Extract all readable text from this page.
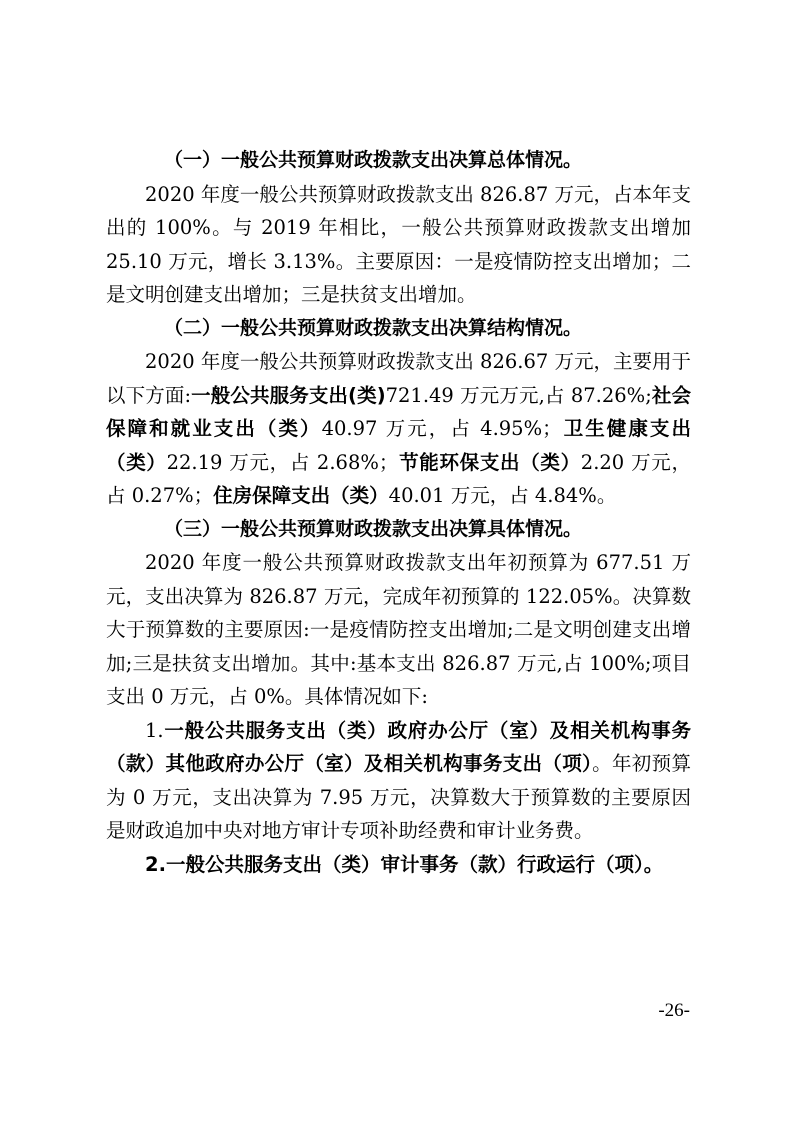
（一）一般公共预算财政拨款支出决算总体情况。

2020 年度一般公共预算财政拨款支出 826.87 万元，占本年支出的 100%。与 2019 年相比，一般公共预算财政拨款支出增加 25.10 万元，增长 3.13%。主要原因：一是疫情防控支出增加；二是文明创建支出增加；三是扶贫支出增加。

（二）一般公共预算财政拨款支出决算结构情况。

2020 年度一般公共预算财政拨款支出 826.67 万元，主要用于以下方面:一般公共服务支出(类)721.49 万元万元,占 87.26%;社会保障和就业支出（类）40.97 万元，占 4.95%；卫生健康支出（类）22.19 万元，占 2.68%；节能环保支出（类）2.20 万元，占 0.27%；住房保障支出（类）40.01 万元，占 4.84%。

（三）一般公共预算财政拨款支出决算具体情况。

2020 年度一般公共预算财政拨款支出年初预算为 677.51 万元，支出决算为 826.87 万元，完成年初预算的 122.05%。决算数大于预算数的主要原因:一是疫情防控支出增加;二是文明创建支出增加;三是扶贫支出增加。其中:基本支出 826.87 万元,占 100%;项目支出 0 万元，占 0%。具体情况如下:

1.一般公共服务支出（类）政府办公厅（室）及相关机构事务（款）其他政府办公厅（室）及相关机构事务支出（项）。年初预算为 0 万元，支出决算为 7.95 万元，决算数大于预算数的主要原因是财政追加中央对地方审计专项补助经费和审计业务费。

2.一般公共服务支出（类）审计事务（款）行政运行（项）。

-26-
